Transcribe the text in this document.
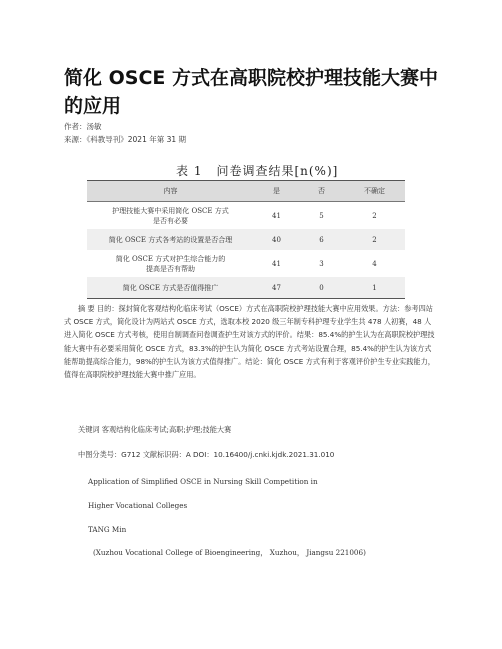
简化 OSCE 方式在高职院校护理技能大赛中的应用
作者：汤敏
来源：《科教导刊》2021 年第 31 期
表 1 问卷调查结果[n(%)]
内容	是	否	不确定
护理技能大赛中采用简化 OSCE 方式
是否有必要	41	5	2
简化 OSCE 方式各考站的设置是否合理	40	6	2
简化 OSCE 方式对护生综合能力的
提高是否有帮助	41	3	4
简化 OSCE 方式是否值得推广	47	0	1

摘 要 目的：探封简化客观结构化临床考试（OSCE）方式在高职院校护理技能大赛中应用效果。方法：参考四站式 OSCE 方式，简化设计为两站式 OSCE 方式，选取本校 2020 级三年制专科护理专业学生共 478 人初赛，48 人进入简化 OSCE 方式考核，使用自制调查问卷调查护生对该方式的评价。结果：85.4%的护生认为在高职院校护理技能大赛中有必要采用简化 OSCE 方式，83.3%的护生认为简化 OSCE 方式考站设置合理，85.4%的护生认为该方式能帮助提高综合能力，98%的护生认为该方式值得推广。结论：简化 OSCE 方式有利于客观评价护生专业实践能力，值得在高职院校护理技能大赛中推广应用。

关键词 客观结构化临床考试;高职;护理;技能大赛
中图分类号：G712 文献标识码：A DOI：10.16400/j.cnki.kjdk.2021.31.010
Application of Simplified OSCE in Nursing Skill Competition in
Higher Vocational Colleges
TANG Min
(Xuzhou Vocational College of Bioengineering， Xuzhou， Jiangsu 221006)
